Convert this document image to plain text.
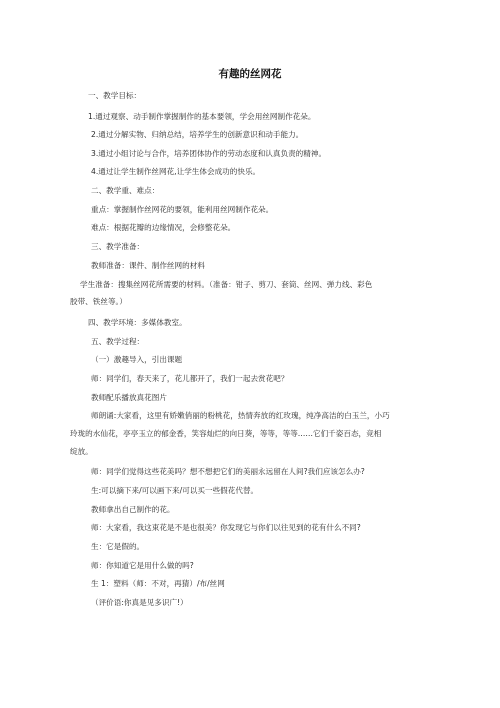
有趣的丝网花
一、教学目标：
1.通过观察、动手制作掌握制作的基本要领，学会用丝网制作花朵。
2.通过分解实物、归纳总结，培养学生的创新意识和动手能力。
3.通过小组讨论与合作，培养团体协作的劳动态度和认真负责的精神。
4.通过让学生制作丝网花,让学生体会成功的快乐。
二、教学重、难点：
重点：掌握制作丝网花的要领，能利用丝网制作花朵。
难点：根据花瓣的边缘情况，会修整花朵。
三、教学准备：
教师准备：课件、制作丝网的材料
学生准备：搜集丝网花所需要的材料。（准备：钳子、剪刀、套筒、丝网、弹力线、彩色
胶带、铁丝等。）
四、教学环境：多媒体教室。
五、教学过程：
（一）激趣导入，引出课题
师：同学们，春天来了，花儿都开了，我们一起去赏花吧？
教师配乐播放真花图片
师朗诵:大家看，这里有娇嫩俏丽的粉桃花，热情奔放的红玫瑰，纯净高洁的白玉兰，小巧
玲珑的水仙花，亭亭玉立的郁金香，笑容灿烂的向日葵，等等，等等……它们千姿百态，竞相
绽放。
师：同学们觉得这些花美吗？想不想把它们的美丽永远留在人间?我们应该怎么办?
生:可以摘下来/可以画下来/可以买一些假花代替。
教师拿出自己制作的花。
师：大家看，我这束花是不是也很美？你发现它与你们以往见到的花有什么不同?
生：它是假的。
师：你知道它是用什么做的吗?
生 1：塑料（师：不对，再猜）/布/丝网
（评价语:你真是见多识广!）
